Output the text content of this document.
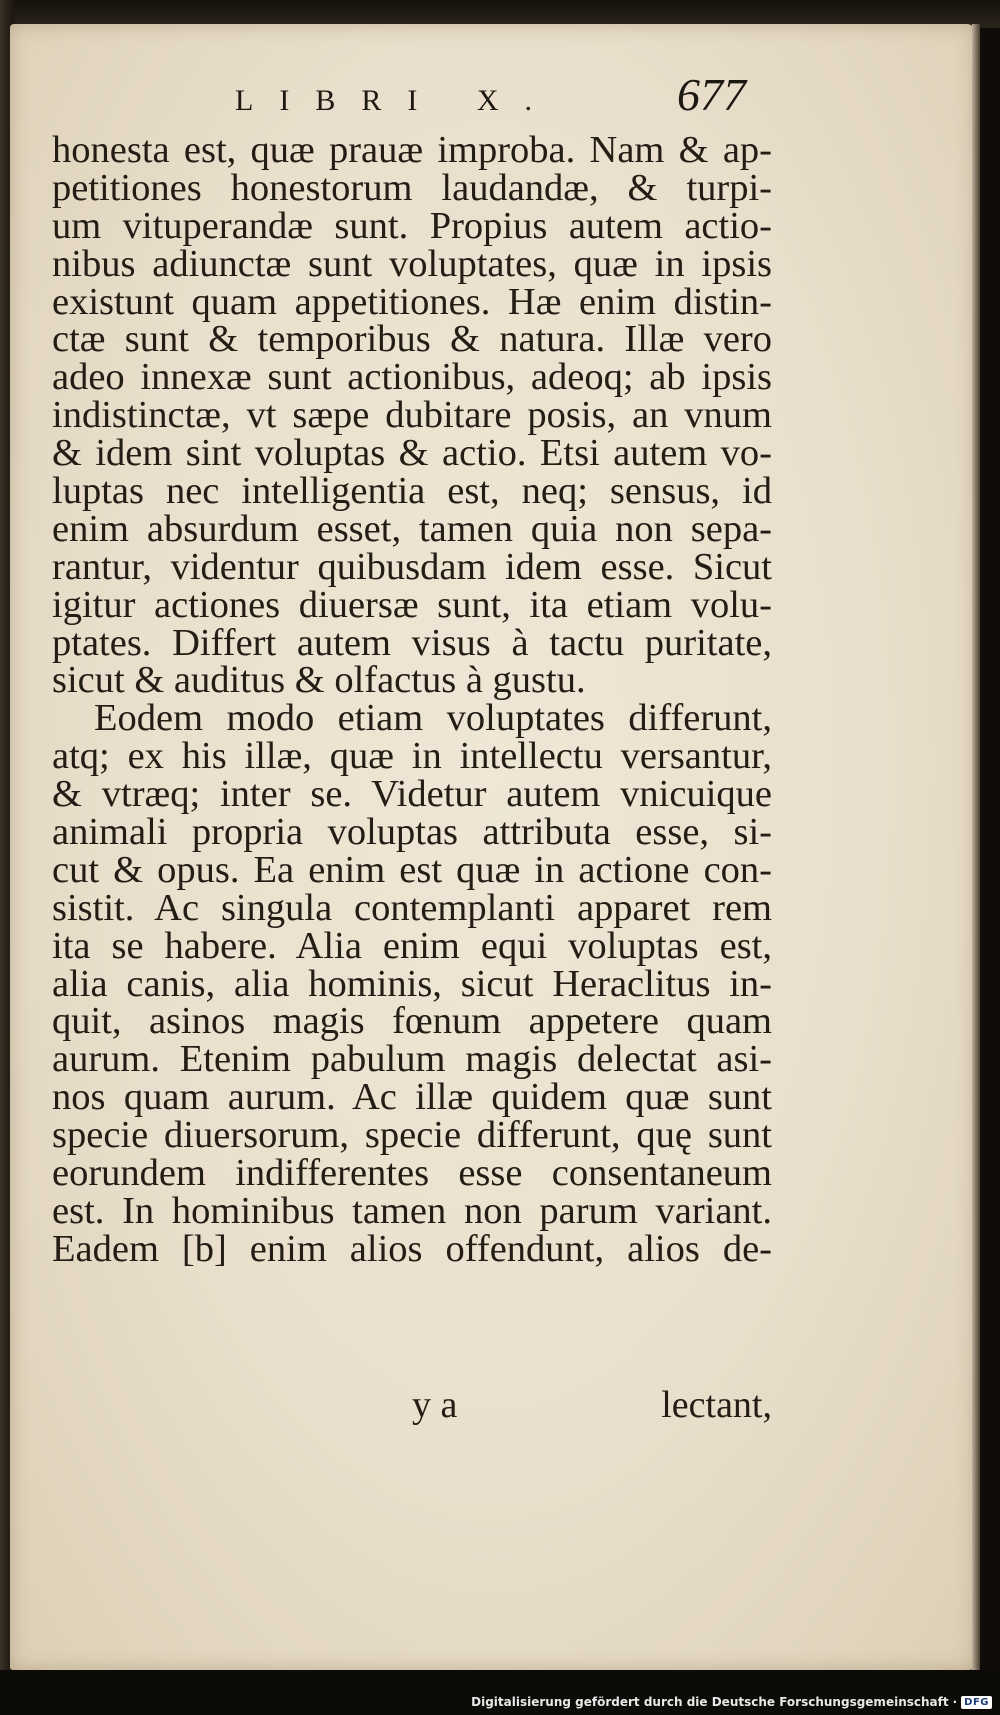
LIBRI X.	677
honesta est, quæ prauæ improba. Nam & ap-
petitiones honestorum laudandæ, & turpi-
um vituperandæ sunt. Propius autem actio-
nibus adiunctæ sunt voluptates, quæ in ipsis
existunt quam appetitiones. Hæ enim distin-
ctæ sunt & temporibus & natura. Illæ vero
adeo innexæ sunt actionibus, adeoq; ab ipsis
indistinctæ, vt sæpe dubitare posis, an vnum
& idem sint voluptas & actio. Etsi autem vo-
luptas nec intelligentia est, neq; sensus, id
enim absurdum esset, tamen quia non sepa-
rantur, videntur quibusdam idem esse. Sicut
igitur actiones diuersæ sunt, ita etiam volu-
ptates. Differt autem visus à tactu puritate,
sicut & auditus & olfactus à gustu.
Eodem modo etiam voluptates differunt,
atq; ex his illæ, quæ in intellectu versantur,
& vtræq; inter se. Videtur autem vnicuique
animali propria voluptas attributa esse, si-
cut & opus. Ea enim est quæ in actione con-
sistit. Ac singula contemplanti apparet rem
ita se habere. Alia enim equi voluptas est,
alia canis, alia hominis, sicut Heraclitus in-
quit, asinos magis fœnum appetere quam
aurum. Etenim pabulum magis delectat asi-
nos quam aurum. Ac illæ quidem quæ sunt
specie diuersorum, specie differunt, quę sunt
eorundem indifferentes esse consentaneum
est. In hominibus tamen non parum variant.
Eadem [b] enim alios offendunt, alios de-
y a	lectant,
Digitalisierung gefördert durch die Deutsche Forschungsgemeinschaft · DFG
